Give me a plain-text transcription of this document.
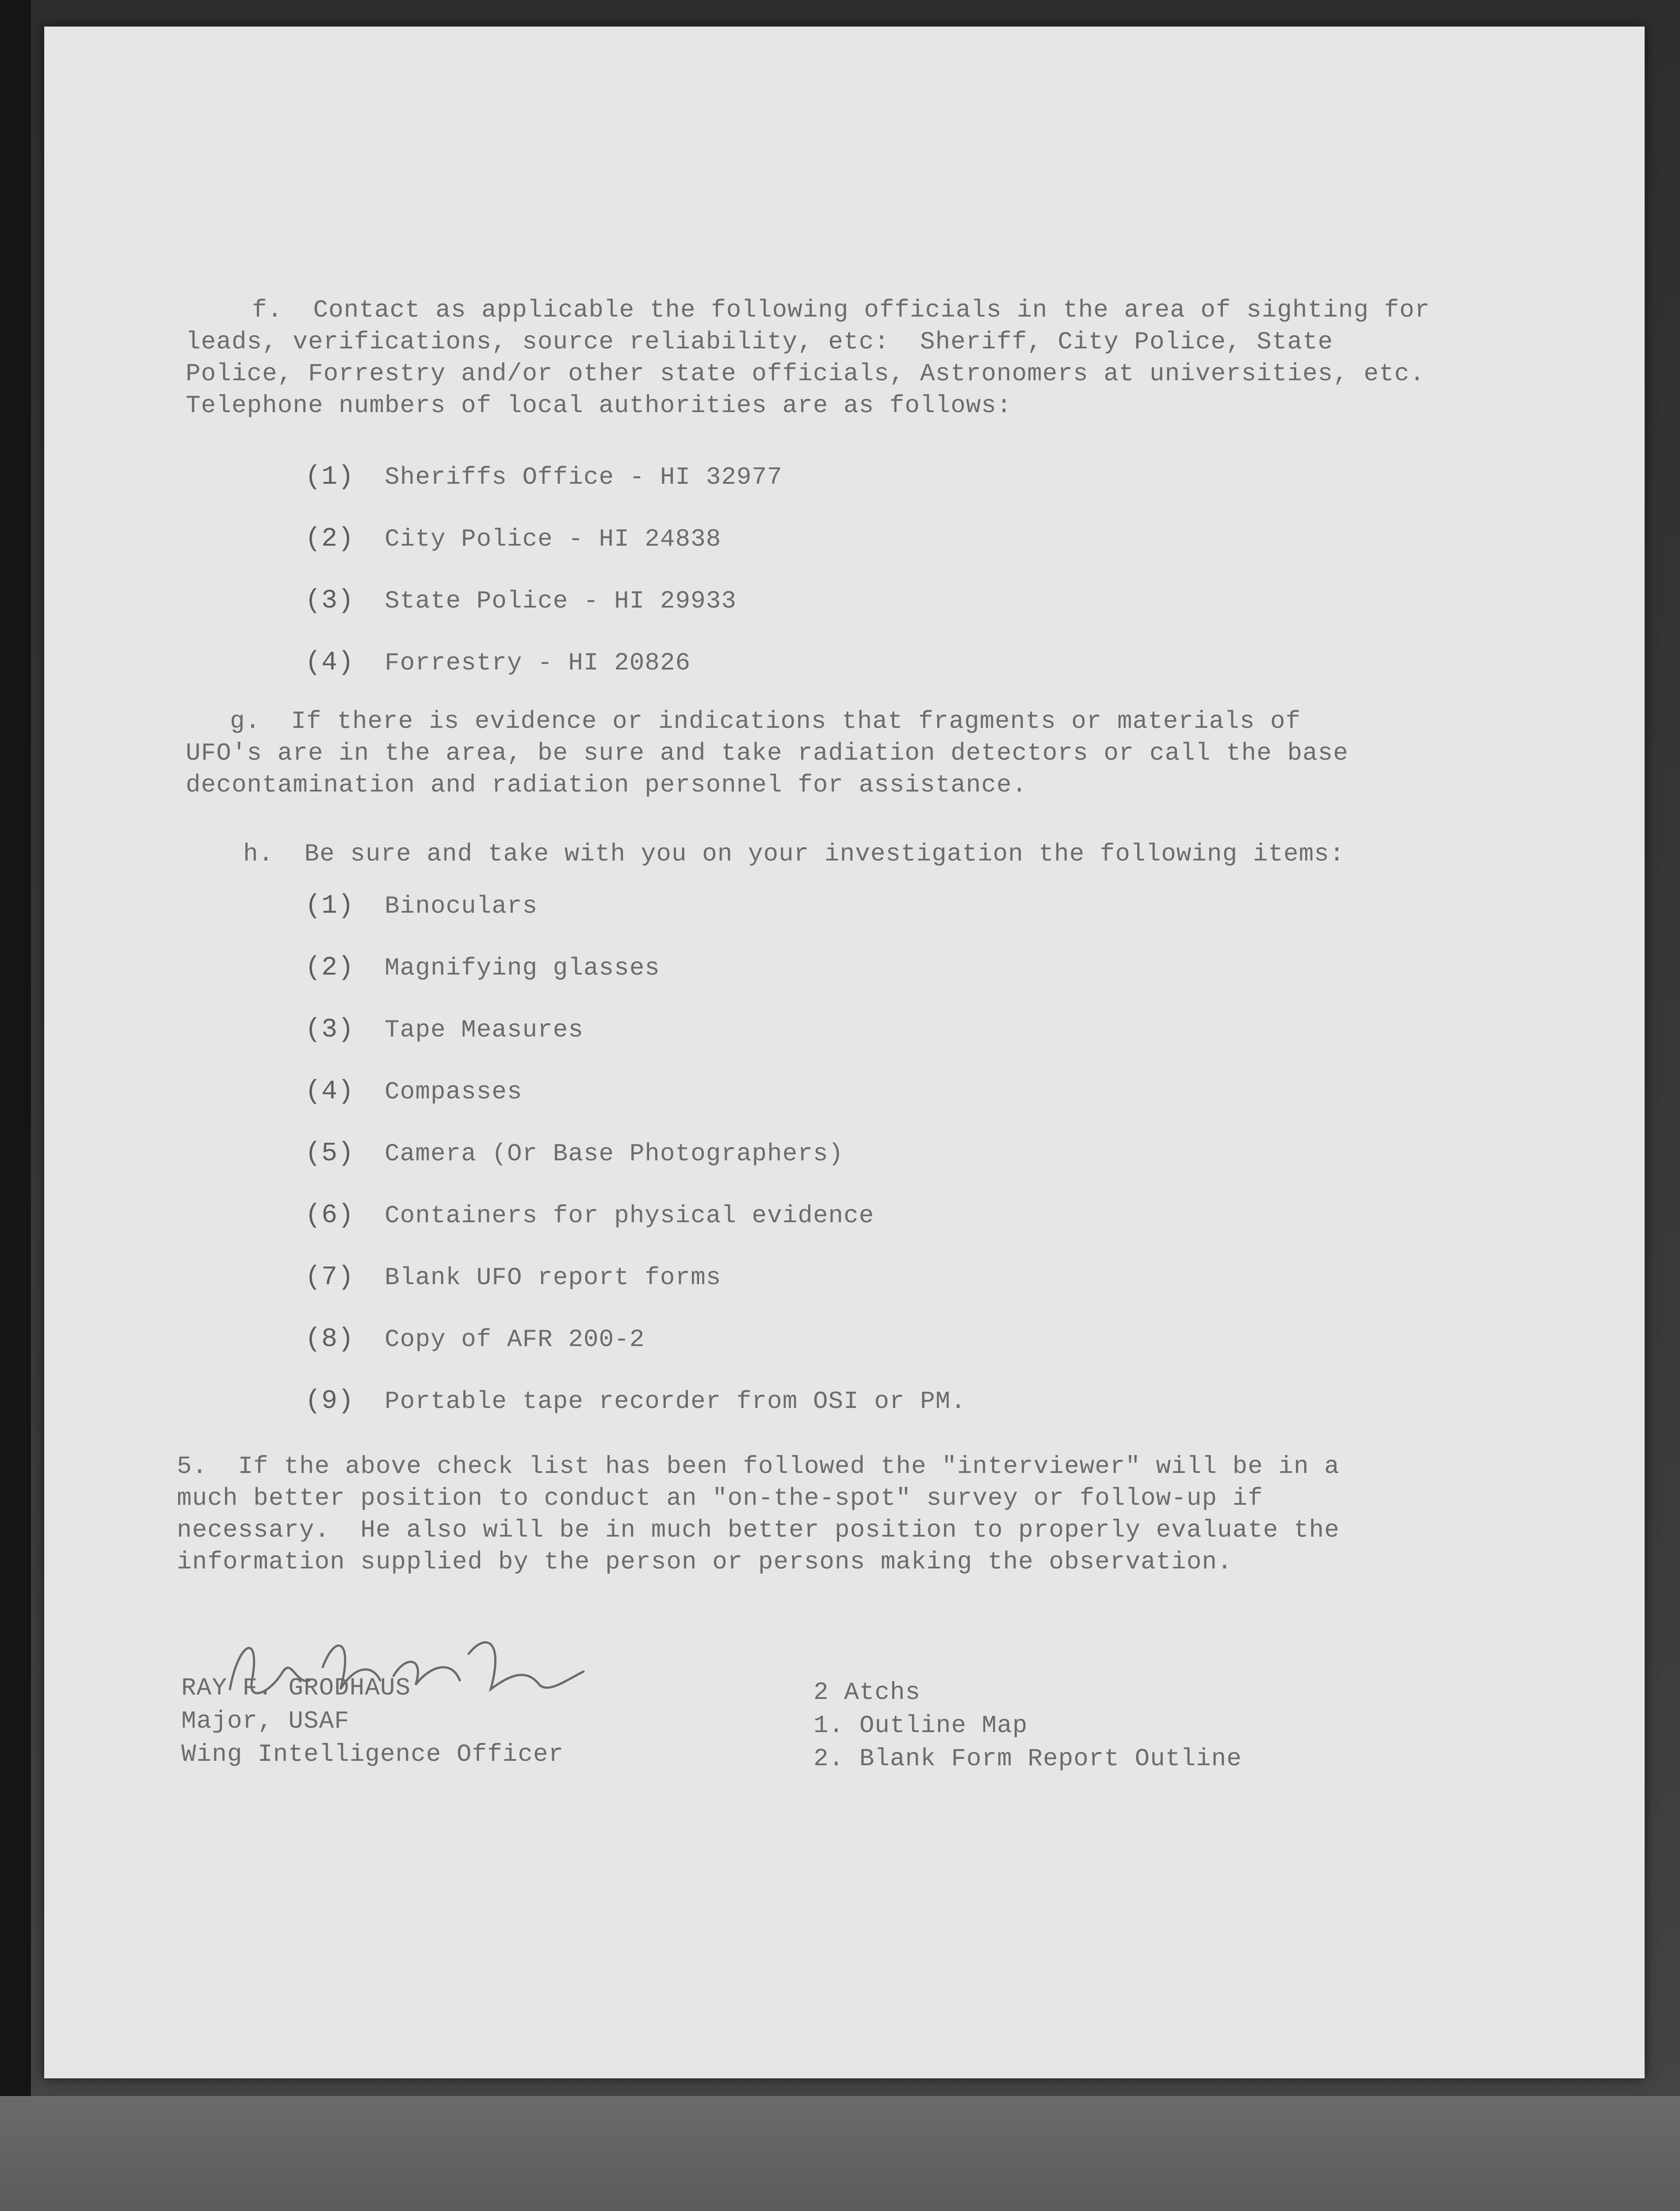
f.  Contact as applicable the following officials in the area of sighting for
leads, verifications, source reliability, etc:  Sheriff, City Police, State
Police, Forrestry and/or other state officials, Astronomers at universities, etc.
Telephone numbers of local authorities are as follows:
(1) Sheriffs Office - HI 32977
(2) City Police - HI 24838
(3) State Police - HI 29933
(4) Forrestry - HI 20826
g.  If there is evidence or indications that fragments or materials of
UFO's are in the area, be sure and take radiation detectors or call the base
decontamination and radiation personnel for assistance.
h.  Be sure and take with you on your investigation the following items:
(1) Binoculars
(2) Magnifying glasses
(3) Tape Measures
(4) Compasses
(5) Camera (Or Base Photographers)
(6) Containers for physical evidence
(7) Blank UFO report forms
(8) Copy of AFR 200-2
(9) Portable tape recorder from OSI or PM.
5.  If the above check list has been followed the "interviewer" will be in a
much better position to conduct an "on-the-spot" survey or follow-up if
necessary.  He also will be in much better position to properly evaluate the
information supplied by the person or persons making the observation.
RAY F. GRODHAUS
Major, USAF
Wing Intelligence Officer
2 Atchs
1. Outline Map
2. Blank Form Report Outline
